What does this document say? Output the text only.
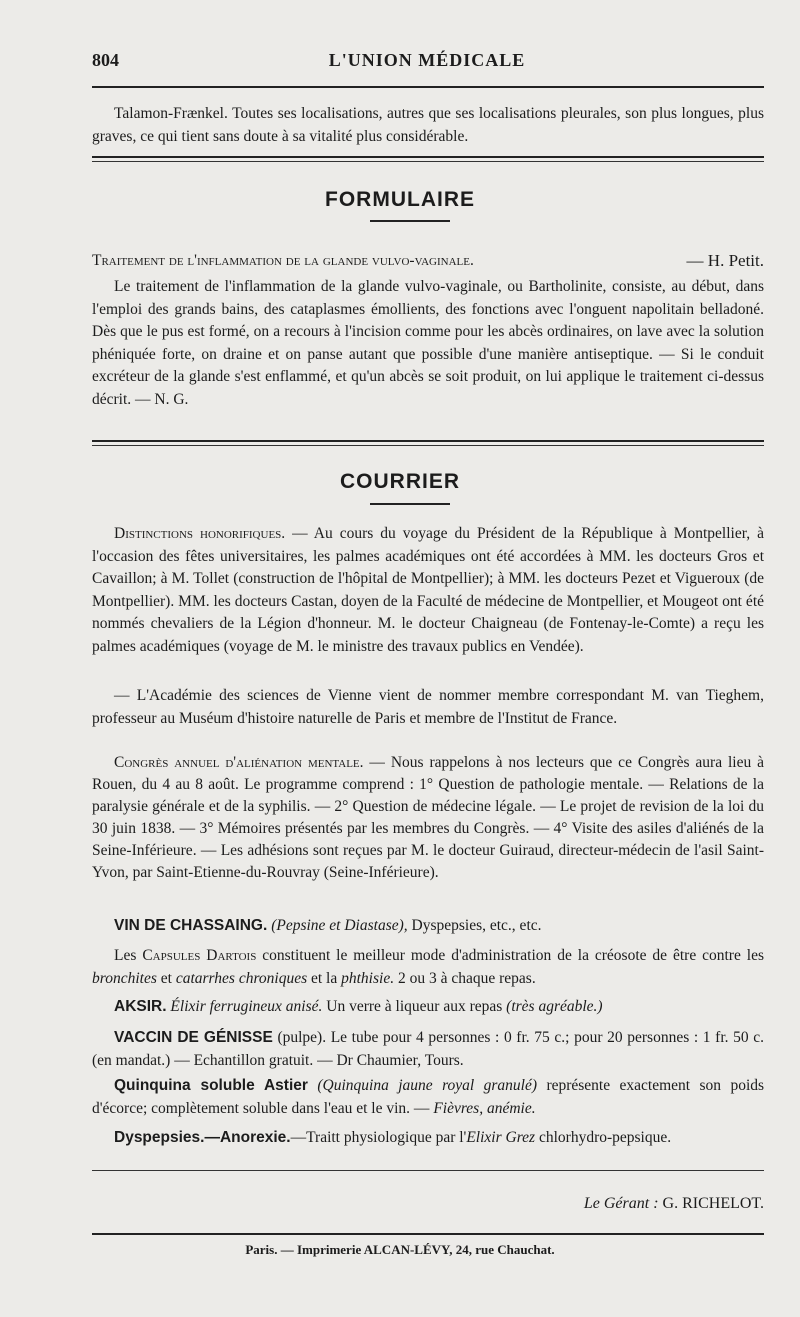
804	L'UNION MÉDICALE
Talamon-Frænkel. Toutes ses localisations, autres que ses localisations pleurales, son plus longues, plus graves, ce qui tient sans doute à sa vitalité plus considérable.
FORMULAIRE
Traitement de l'inflammation de la glande vulvo-vaginale.	— H. Petit.
Le traitement de l'inflammation de la glande vulvo-vaginale, ou Bartholinite, consiste, au début, dans l'emploi des grands bains, des cataplasmes émollients, des fonctions avec l'onguent napolitain belladoné. Dès que le pus est formé, on a recours à l'incision comme pour les abcès ordinaires, on lave avec la solution phéniquée forte, on draine et on panse autant que possible d'une manière antiseptique. — Si le conduit excréteur de la glande s'est enflammé, et qu'un abcès se soit produit, on lui applique le traitement ci-dessus décrit. — N. G.
COURRIER
Distinctions honorifiques. — Au cours du voyage du Président de la République à Montpellier, à l'occasion des fêtes universitaires, les palmes académiques ont été accordées à MM. les docteurs Gros et Cavaillon; à M. Tollet (construction de l'hôpital de Montpellier); à MM. les docteurs Pezet et Vigueroux (de Montpellier). MM. les docteurs Castan, doyen de la Faculté de médecine de Montpellier, et Mougeot ont été nommés chevaliers de la Légion d'honneur. M. le docteur Chaigneau (de Fontenay-le-Comte) a reçu les palmes académiques (voyage de M. le ministre des travaux publics en Vendée).
— L'Académie des sciences de Vienne vient de nommer membre correspondant M. van Tieghem, professeur au Muséum d'histoire naturelle de Paris et membre de l'Institut de France.
Congrès annuel d'aliénation mentale. — Nous rappelons à nos lecteurs que ce Congrès aura lieu à Rouen, du 4 au 8 août. Le programme comprend : 1° Question de pathologie mentale. — Relations de la paralysie générale et de la syphilis. — 2° Question de médecine légale. — Le projet de revision de la loi du 30 juin 1838. — 3° Mémoires présentés par les membres du Congrès. — 4° Visite des asiles d'aliénés de la Seine-Inférieure. — Les adhésions sont reçues par M. le docteur Guiraud, directeur-médecin de l'asil Saint-Yvon, par Saint-Etienne-du-Rouvray (Seine-Inférieure).
VIN DE CHASSAING. (Pepsine et Diastase), Dyspepsies, etc., etc.
Les Capsules Dartois constituent le meilleur mode d'administration de la créosote de être contre les bronchites et catarrhes chroniques et la phthisie. 2 ou 3 à chaque repas.
AKSIR. Élixir ferrugineux anisé. Un verre à liqueur aux repas (très agréable.)
VACCIN DE GÉNISSE (pulpe). Le tube pour 4 personnes : 0 fr. 75 c.; pour 20 personnes : 1 fr. 50 c. (en mandat.) — Echantillon gratuit. — Dr Chaumier, Tours.
Quinquina soluble Astier (Quinquina jaune royal granulé) représente exactement son poids d'écorce; complètement soluble dans l'eau et le vin. — Fièvres, anémie.
Dyspepsies.—Anorexie.—Traitt physiologique par l'Elixir Grez chlorhydro-pepsique.
Le Gérant : G. RICHELOT.
Paris. — Imprimerie ALCAN-LÉVY, 24, rue Chauchat.
